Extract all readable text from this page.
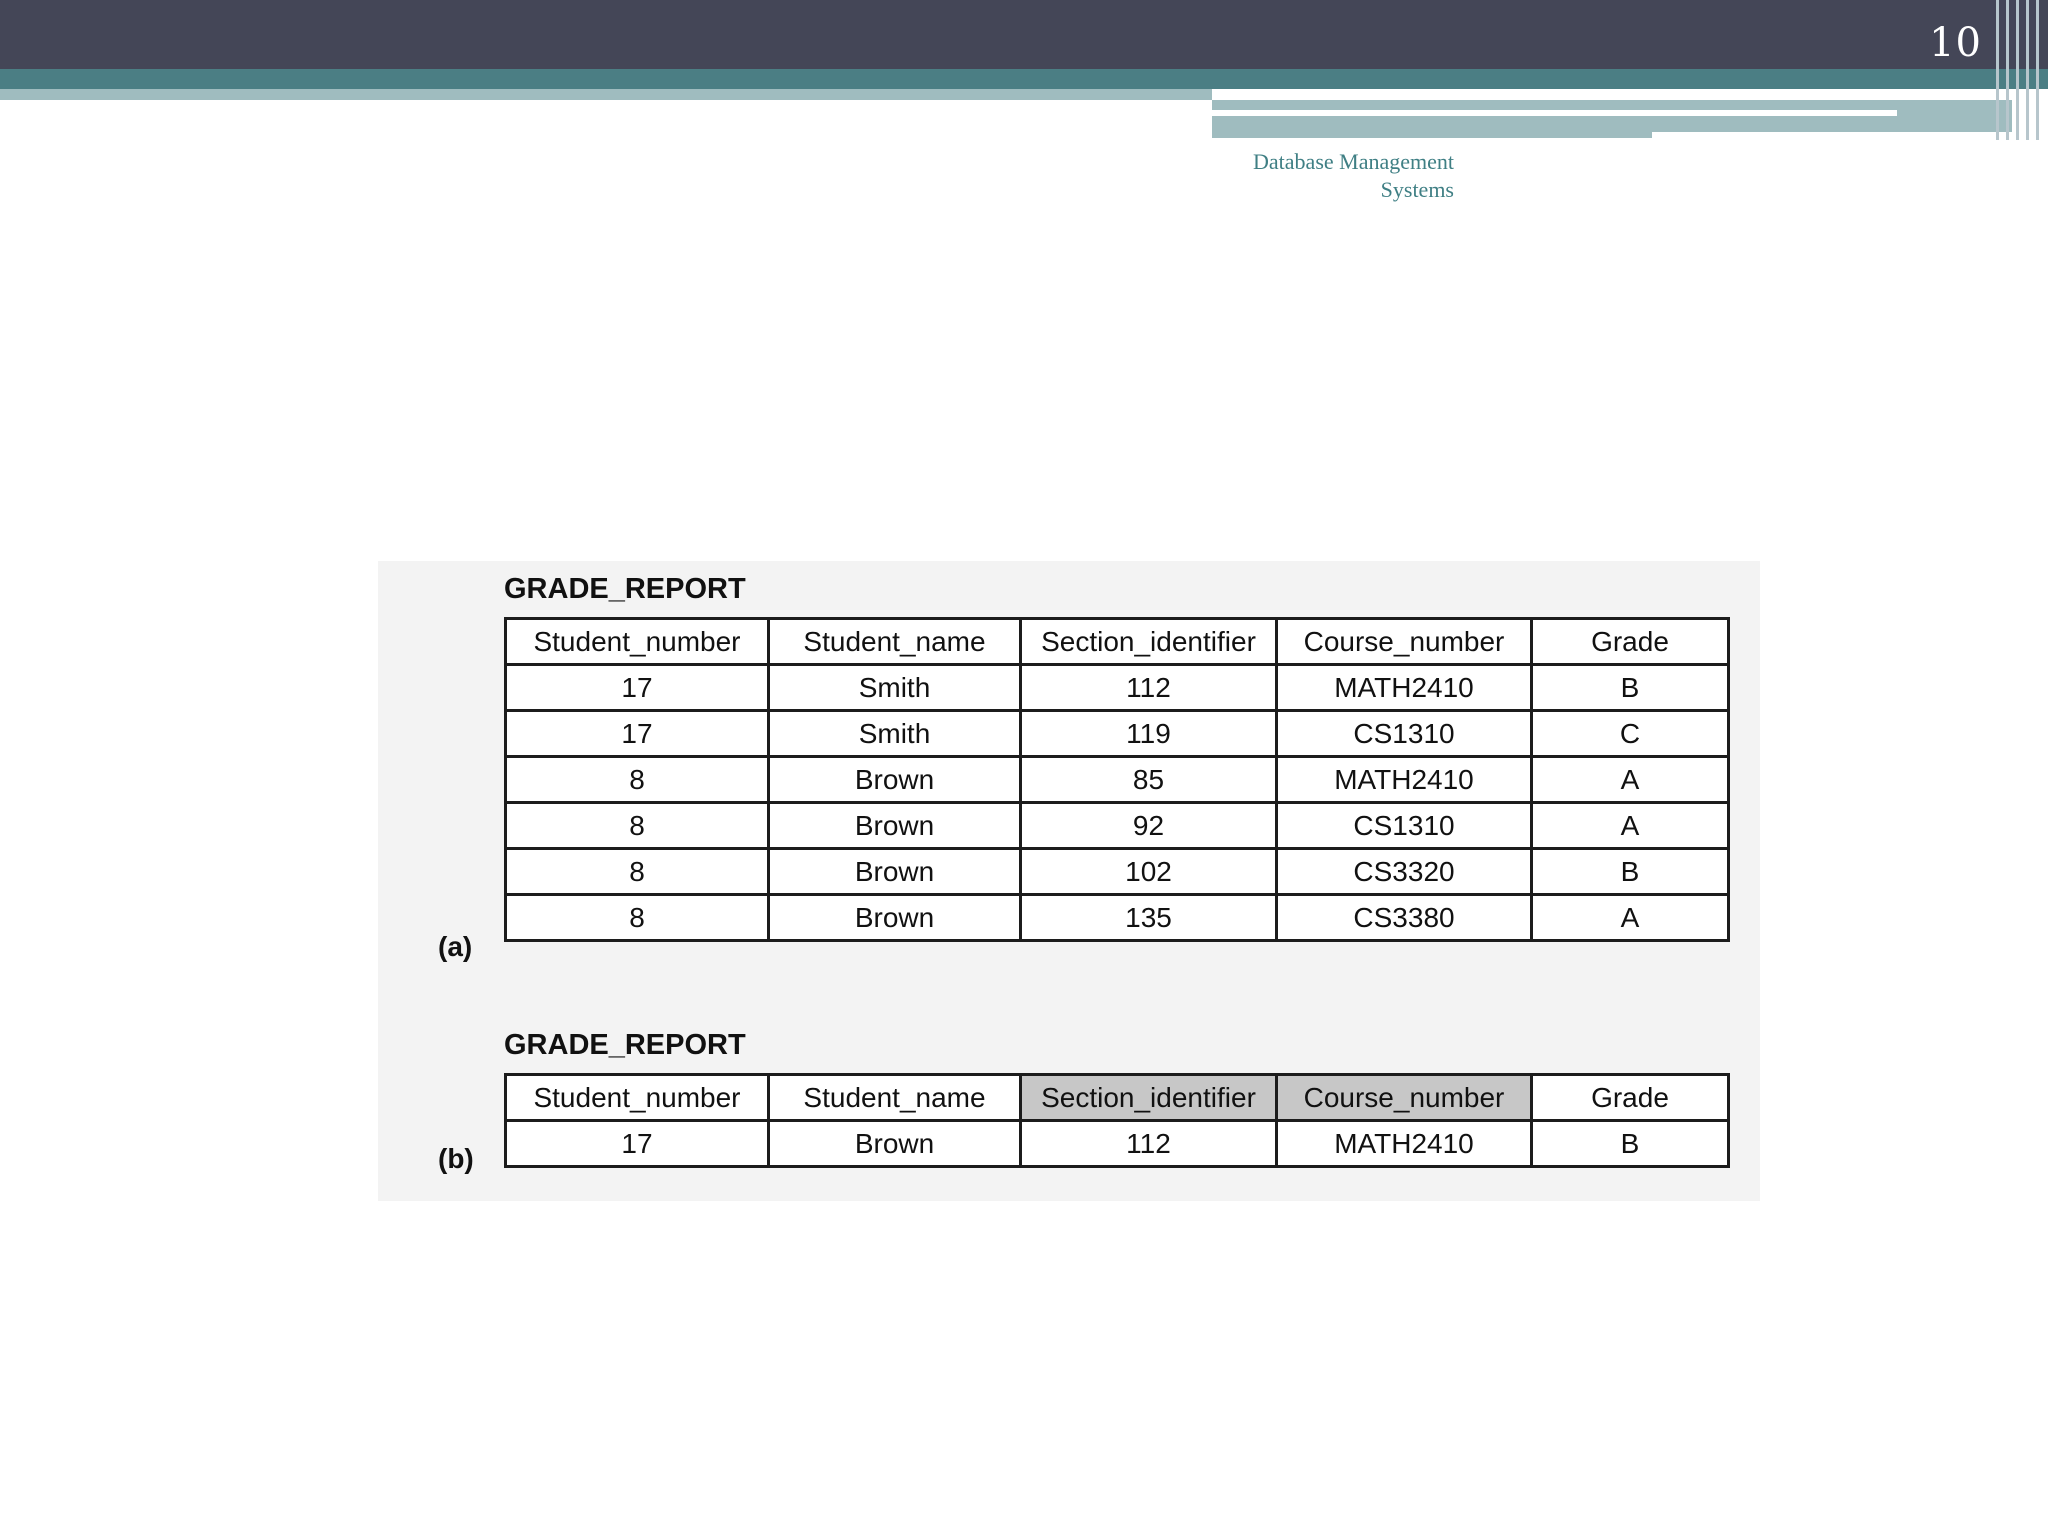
10
Database Management
Systems
GRADE_REPORT
Student_number	Student_name	Section_identifier	Course_number	Grade
17	Smith	112	MATH2410	B
17	Smith	119	CS1310	C
8	Brown	85	MATH2410	A
8	Brown	92	CS1310	A
8	Brown	102	CS3320	B
8	Brown	135	CS3380	A
(a)
GRADE_REPORT
Student_number	Student_name	Section_identifier	Course_number	Grade
17	Brown	112	MATH2410	B
(b)
